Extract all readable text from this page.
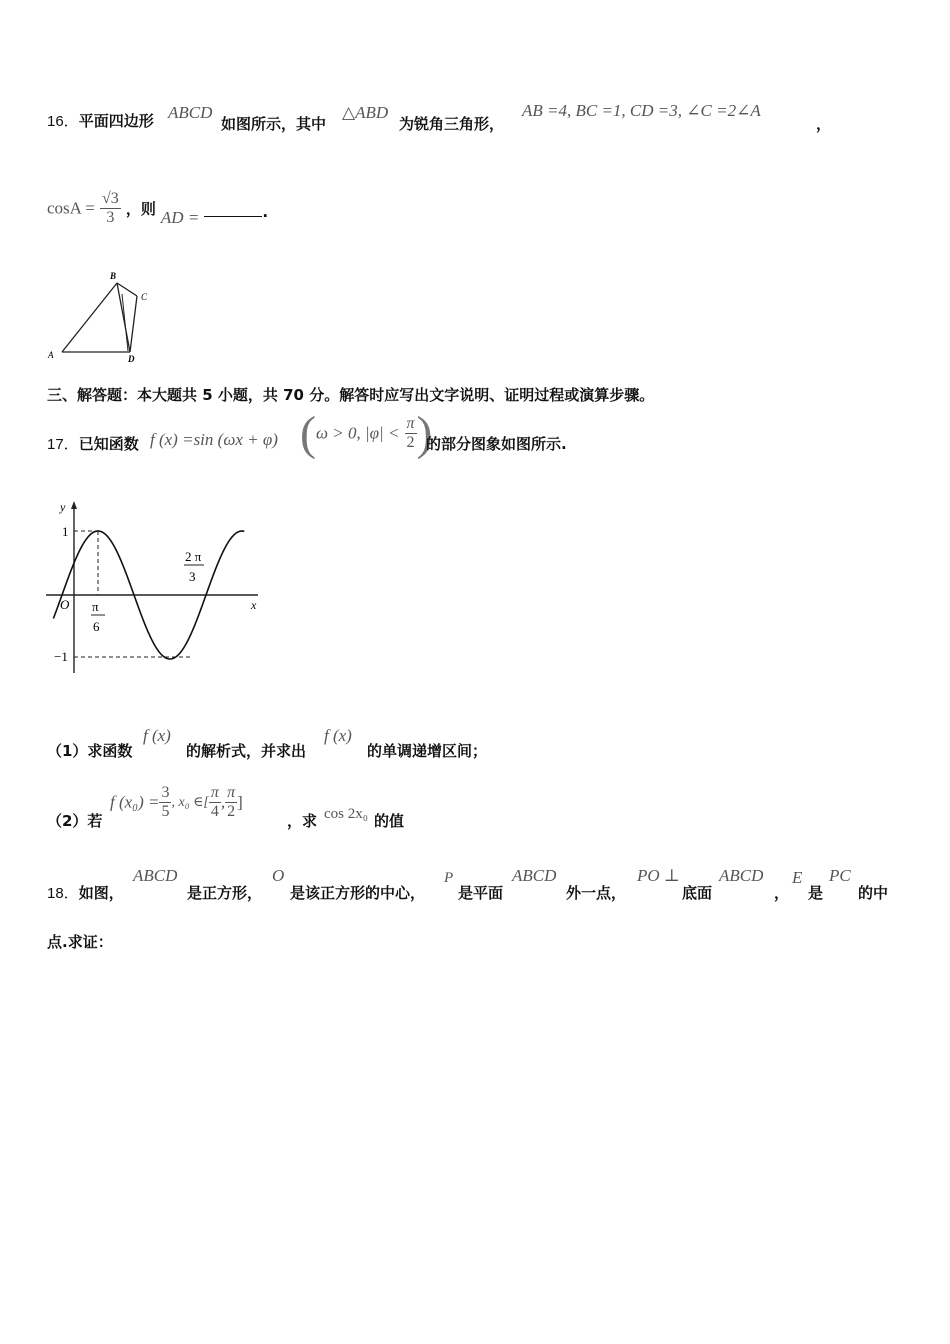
16．平面四边形 ABCD
如图所示，其中
△ABD
为锐角三角形，
AB =4, BC =1, CD =3, ∠C =2∠A
，
$\cos A = \frac{√3}{3}$ ，则 AD =	.
A
B
C
D
三、解答题：本大题共 5 小题，共 70 分。解答时应写出文字说明、证明过程或演算步骤。
17．已知函数 f (x) =sin (ωx + φ) (ω > 0, $|\varphi| < \frac{\pi}{2}$ )
的部分图象如图所示.
y
x
O
1
−1
π
6
2 π
3
（1）求函数
f (x)
的解析式，并求出
f (x)
的单调递增区间；
（2）若
f $(x_0) = \frac{3}{5}$ , x₀ ∈[ $\frac{\pi}{4}$ , $\frac{\pi}{2}$ ]
，求 cos 2x₀ 的值
18．如图，
ABCD
是正方形，
O
是该正方形的中心，
P
是平面
ABCD
外一点，
PO ⊥
底面
ABCD
，
E
是
PC
的中
点.求证：
